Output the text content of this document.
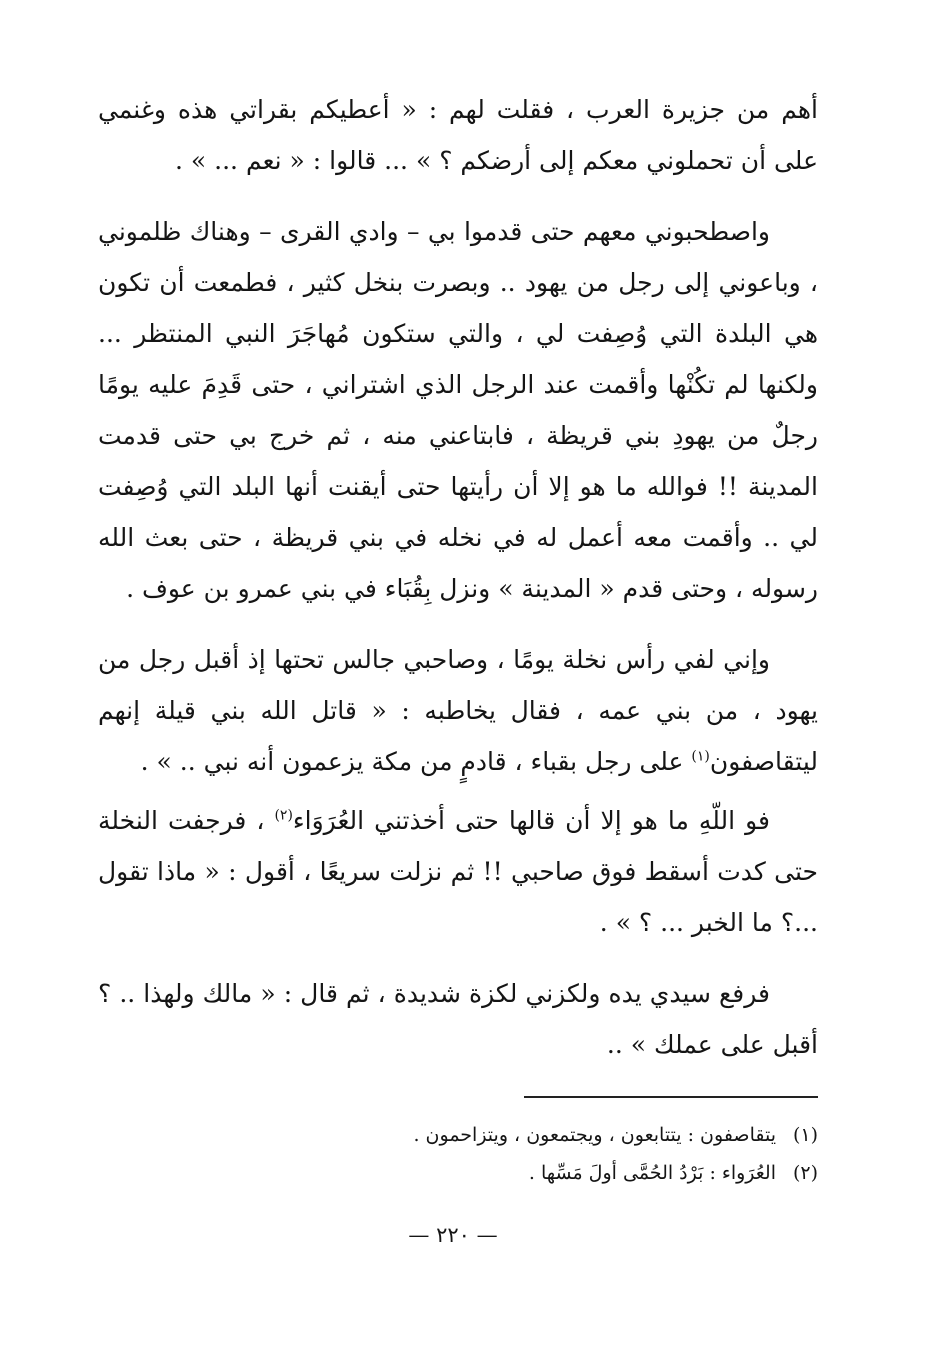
أهم من جزيرة العرب ، فقلت لهم : « أعطيكم بقراتي هذه وغنمي على أن تحملوني معكم إلى أرضكم ؟ » ... قالوا : « نعم ... » .

واصطحبوني معهم حتى قدموا بي – وادي القرى – وهناك ظلموني ، وباعوني إلى رجل من يهود .. وبصرت بنخل كثير ، فطمعت أن تكون هي البلدة التي وُصِفت لي ، والتي ستكون مُهاجَرَ النبي المنتظر ... ولكنها لم تكُنْها وأقمت عند الرجل الذي اشتراني ، حتى قَدِمَ عليه يومًا رجلٌ من يهودِ بني قريظة ، فابتاعني منه ، ثم خرج بي حتى قدمت المدينة !! فوالله ما هو إلا أن رأيتها حتى أيقنت أنها البلد التي وُصِفت لي .. وأقمت معه أعمل له في نخله في بني قريظة ، حتى بعث الله رسوله ، وحتى قدم « المدينة » ونزل بِقُبَاء في بني عمرو بن عوف .

وإني لفي رأس نخلة يومًا ، وصاحبي جالس تحتها إذ أقبل رجل من يهود ، من بني عمه ، فقال يخاطبه : « قاتل الله بني قيلة إنهم ليتقاصفون$^{(١)}$ على رجل بقباء ، قادمٍ من مكة يزعمون أنه نبي .. » .

فو اللّهِ ما هو إلا أن قالها حتى أخذتني العُرَوَاء$^{(٢)}$ ، فرجفت النخلة حتى كدت أسقط فوق صاحبي !! ثم نزلت سريعًا ، أقول : « ماذا تقول ...؟ ما الخبر ... ؟ » .

فرفع سيدي يده ولكزني لكزة شديدة ، ثم قال : « مالك ولهذا .. ؟ أقبل على عملك » ..

(١)يتقاصفون : يتتابعون ، ويجتمعون ، ويتزاحمون .
(٢)العُرَواء : بَرْدُ الحُمَّى أولَ مَسِّها .
— ٢٢٠ —
